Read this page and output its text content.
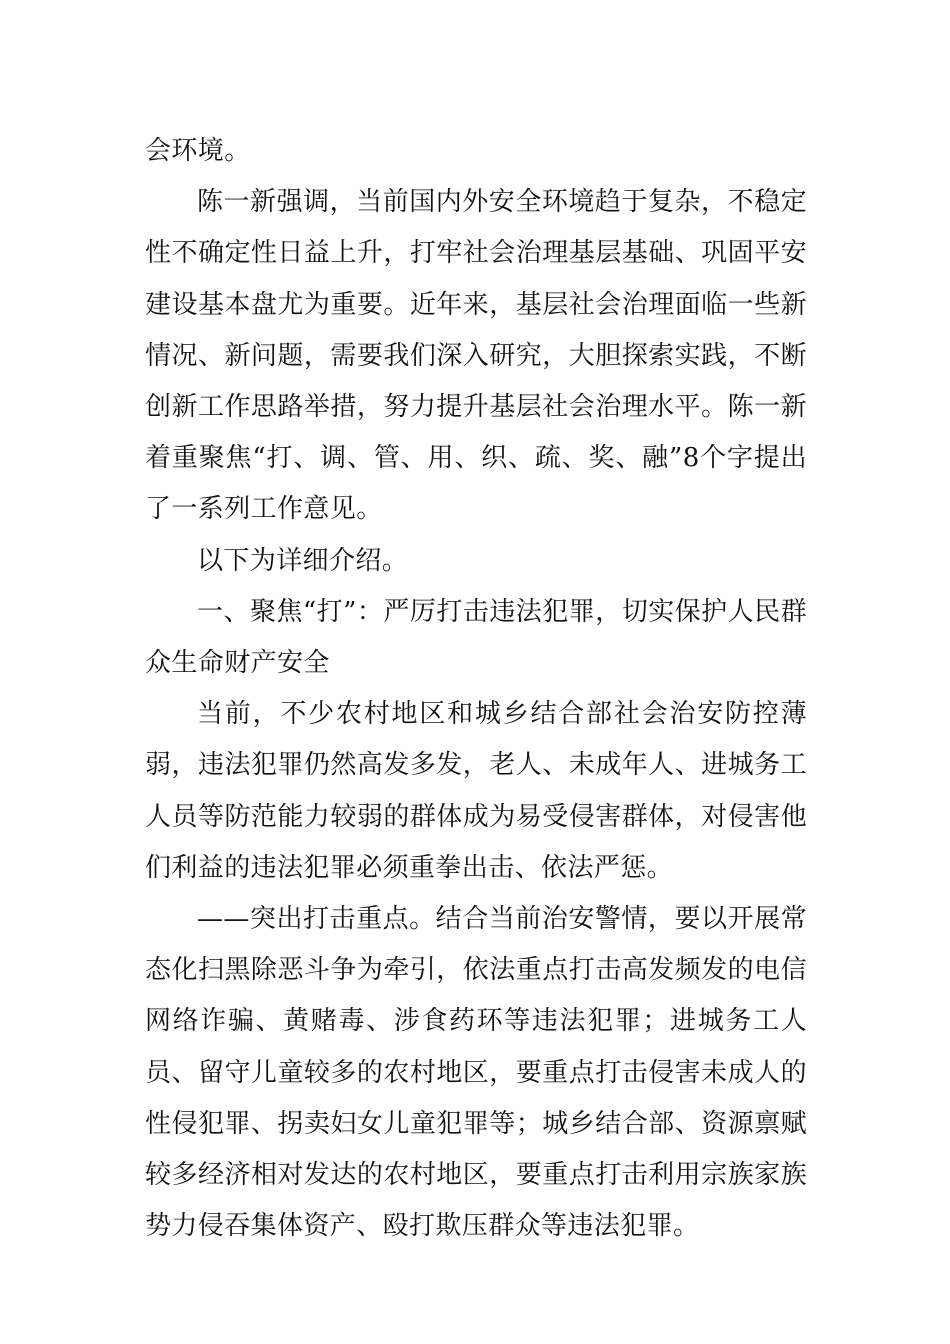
会环境。

陈一新强调，当前国内外安全环境趋于复杂，不稳定性不确定性日益上升，打牢社会治理基层基础、巩固平安建设基本盘尤为重要。近年来，基层社会治理面临一些新情况、新问题，需要我们深入研究，大胆探索实践，不断创新工作思路举措，努力提升基层社会治理水平。陈一新着重聚焦“打、调、管、用、织、疏、奖、融”8个字提出了一系列工作意见。

以下为详细介绍。

一、聚焦“打”：严厉打击违法犯罪，切实保护人民群众生命财产安全

当前，不少农村地区和城乡结合部社会治安防控薄弱，违法犯罪仍然高发多发，老人、未成年人、进城务工人员等防范能力较弱的群体成为易受侵害群体，对侵害他们利益的违法犯罪必须重拳出击、依法严惩。

——突出打击重点。结合当前治安警情，要以开展常态化扫黑除恶斗争为牵引，依法重点打击高发频发的电信网络诈骗、黄赌毒、涉食药环等违法犯罪；进城务工人员、留守儿童较多的农村地区，要重点打击侵害未成人的性侵犯罪、拐卖妇女儿童犯罪等；城乡结合部、资源禀赋较多经济相对发达的农村地区，要重点打击利用宗族家族势力侵吞集体资产、殴打欺压群众等违法犯罪。
